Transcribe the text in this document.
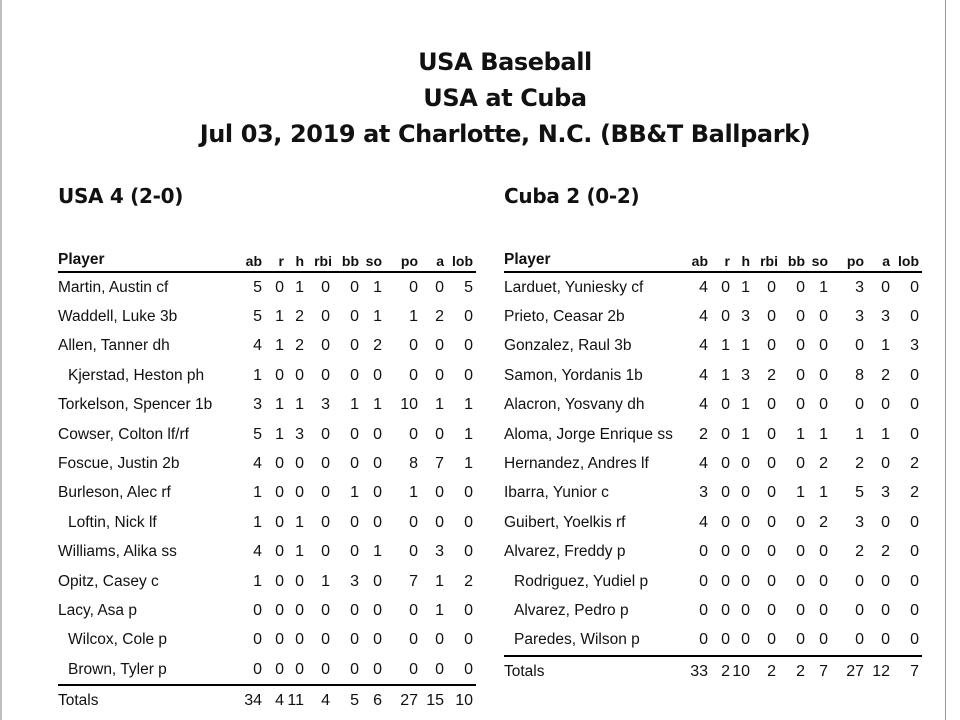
USA Baseball
USA at Cuba
Jul 03, 2019 at Charlotte, N.C. (BB&T Ballpark)
USA 4 (2-0)	Cuba 2 (0-2)
Player	ab	r h rbi bb so	po	a lob
Martin, Austin cf	5 0 1	0	0 1	0	0	5
Waddell, Luke 3b	5 1 2	0	0 1	1	2	0
Allen, Tanner dh	4 1 2	0	0 2	0	0	0
Kjerstad, Heston ph	1 0 0	0	0 0	0	0	0
Torkelson, Spencer 1b	3 1 1	3	1 1	10	1	1
Cowser, Colton lf/rf	5 1 3	0	0 0	0	0	1
Foscue, Justin 2b	4 0 0	0	0 0	8	7	1
Burleson, Alec rf	1 0 0	0	1 0	1	0	0
Loftin, Nick lf	1 0 1	0	0 0	0	0	0
Williams, Alika ss	4 0 1	0	0 1	0	3	0
Opitz, Casey c	1 0 0	1	3 0	7	1	2
Lacy, Asa p	0 0 0	0	0 0	0	1	0
Wilcox, Cole p	0 0 0	0	0 0	0	0	0
Brown, Tyler p	0 0 0	0	0 0	0	0	0
Totals	34 4 11	4	5 6	27 15 10
Player	ab	r h rbi bb so	po	a lob
Larduet, Yuniesky cf	4 0 1	0	0 1	3	0	0
Prieto, Ceasar 2b	4 0 3	0	0 0	3	3	0
Gonzalez, Raul 3b	4 1 1	0	0 0	0	1	3
Samon, Yordanis 1b	4 1 3	2	0 0	8	2	0
Alacron, Yosvany dh	4 0 1	0	0 0	0	0	0
Aloma, Jorge Enrique ss	2 0 1	0	1 1	1	1	0
Hernandez, Andres lf	4 0 0	0	0 2	2	0	2
Ibarra, Yunior c	3 0 0	0	1 1	5	3	2
Guibert, Yoelkis rf	4 0 0	0	0 2	3	0	0
Alvarez, Freddy p	0 0 0	0	0 0	2	2	0
Rodriguez, Yudiel p	0 0 0	0	0 0	0	0	0
Alvarez, Pedro p	0 0 0	0	0 0	0	0	0
Paredes, Wilson p	0 0 0	0	0 0	0	0	0
Totals	33 2 10	2	2 7	27 12	7
